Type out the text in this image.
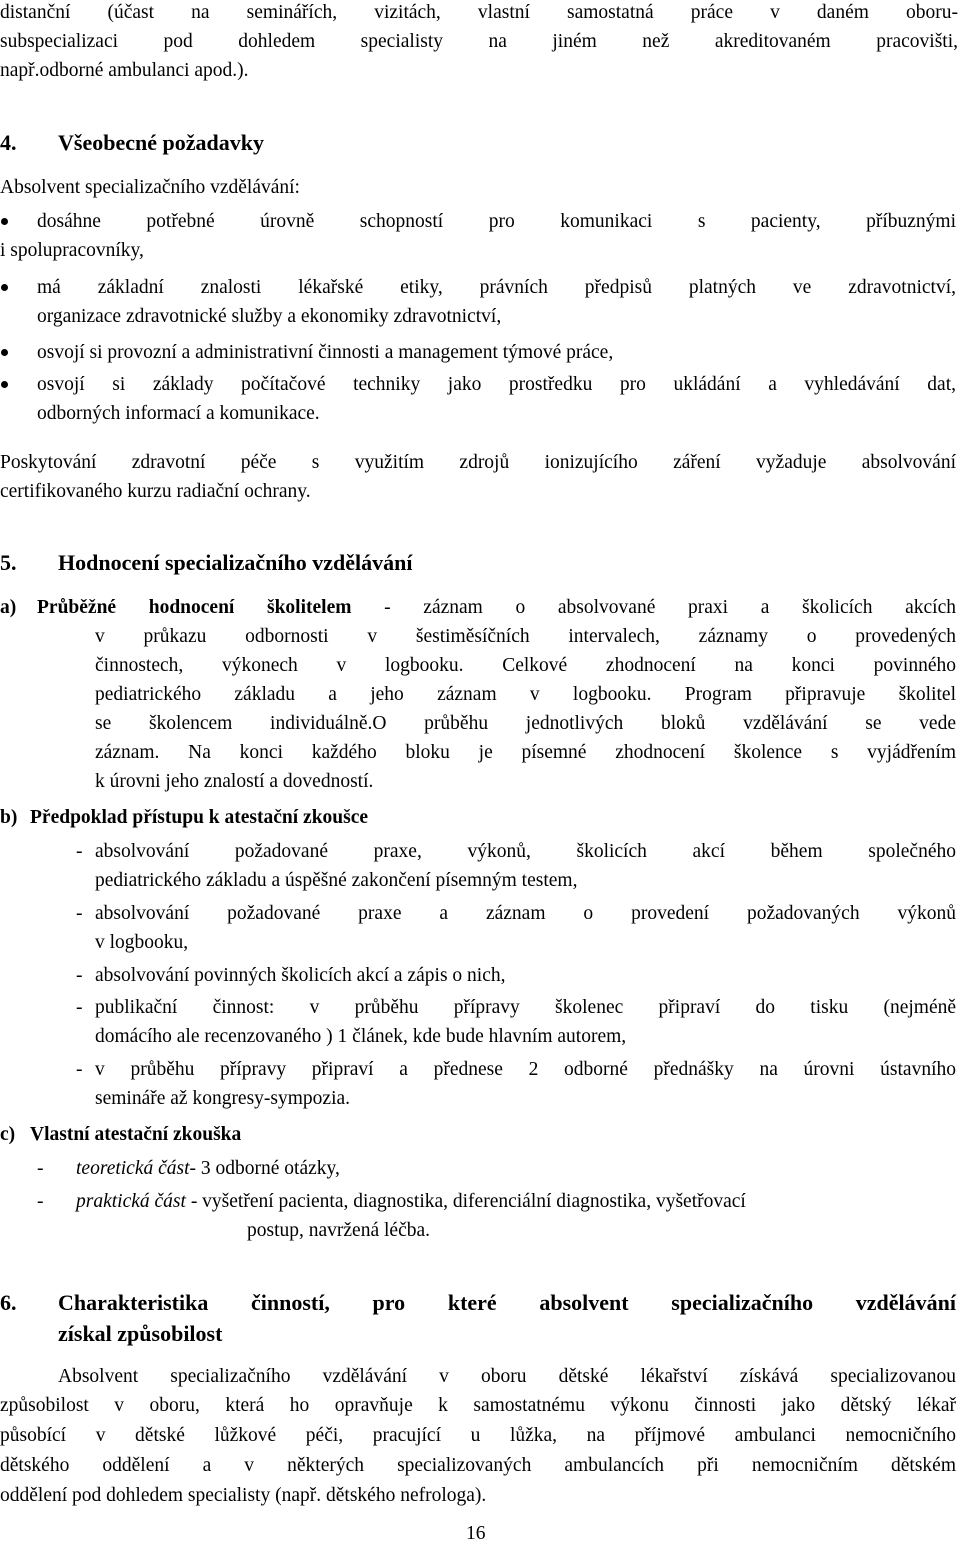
distanční (účast na seminářích, vizitách, vlastní samostatná práce v daném oboru-
subspecializaci pod dohledem specialisty na jiném než akreditovaném pracovišti,
např.odborné ambulanci apod.).
4. Všeobecné požadavky
Absolvent specializačního vzdělávání:
dosáhne potřebné úrovně schopností pro komunikaci s pacienty, příbuznými
i spolupracovníky,
má základní znalosti lékařské etiky, právních předpisů platných ve zdravotnictví,
organizace zdravotnické služby a ekonomiky zdravotnictví,
osvojí si provozní a administrativní činnosti a management týmové práce,
osvojí si základy počítačové techniky jako prostředku pro ukládání a vyhledávání dat,
odborných informací a komunikace.
Poskytování zdravotní péče s využitím zdrojů ionizujícího záření vyžaduje absolvování
certifikovaného kurzu radiační ochrany.
5. Hodnocení specializačního vzdělávání
a) Průběžné hodnocení školitelem - záznam o absolvované praxi a školicích akcích
v průkazu odbornosti v šestiměsíčních intervalech, záznamy o provedených
činnostech, výkonech v logbooku. Celkové zhodnocení na konci povinného
pediatrického základu a jeho záznam v logbooku. Program připravuje školitel
se školencem individuálně.O průběhu jednotlivých bloků vzdělávání se vede
záznam. Na konci každého bloku je písemné zhodnocení školence s vyjádřením
k úrovni jeho znalostí a dovedností.
b) Předpoklad přístupu k atestační zkoušce
- absolvování požadované praxe, výkonů, školicích akcí během společného
pediatrického základu a úspěšné zakončení písemným testem,
- absolvování požadované praxe a záznam o provedení požadovaných výkonů
v logbooku,
- absolvování povinných školicích akcí a zápis o nich,
- publikační činnost: v průběhu přípravy školenec připraví do tisku (nejméně
domácího ale recenzovaného ) 1 článek, kde bude hlavním autorem,
- v průběhu přípravy připraví a přednese 2 odborné přednášky na úrovni ústavního
semináře až kongresy-sympozia.
c) Vlastní atestační zkouška
- teoretická část- 3 odborné otázky,
- praktická část - vyšetření pacienta, diagnostika, diferenciální diagnostika, vyšetřovací
postup, navržená léčba.
6. Charakteristika činností, pro které absolvent specializačního vzdělávání
získal způsobilost
Absolvent specializačního vzdělávání v oboru dětské lékařství získává specializovanou
způsobilost v oboru, která ho opravňuje k samostatnému výkonu činnosti jako dětský lékař
působící v dětské lůžkové péči, pracující u lůžka, na příjmové ambulanci nemocničního
dětského oddělení a v některých specializovaných ambulancích při nemocničním dětském
oddělení pod dohledem specialisty (např. dětského nefrologa).
16
